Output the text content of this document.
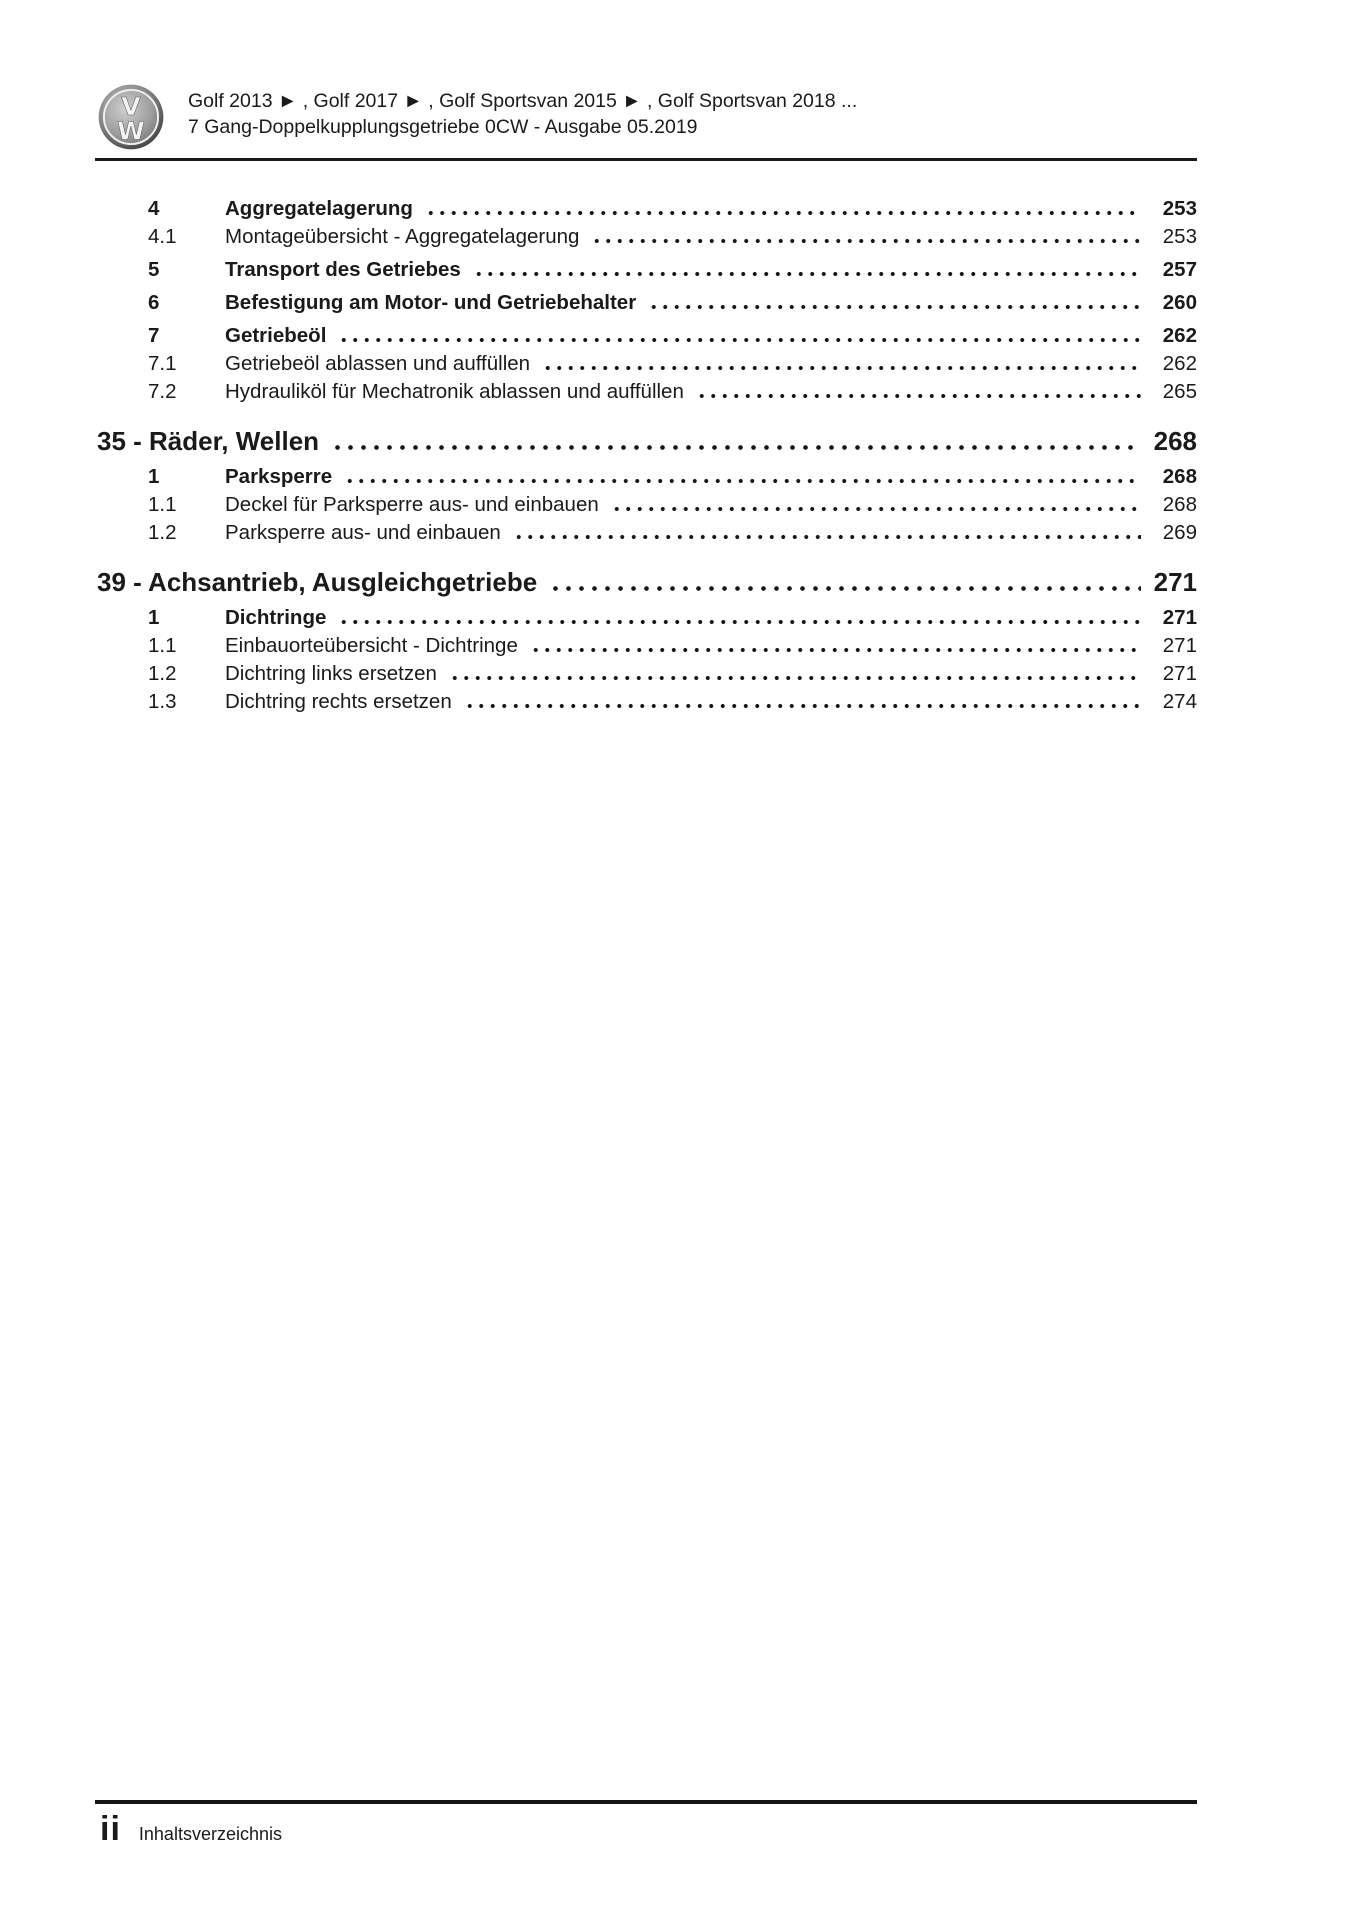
V
W
Golf 2013 ► , Golf 2017 ► , Golf Sportsvan 2015 ► , Golf Sportsvan 2018 ...
7 Gang-Doppelkupplungsgetriebe 0CW - Ausgabe 05.2019
4	Aggregatelagerung	253
4.1	Montageübersicht - Aggregatelagerung	253
5	Transport des Getriebes	257
6	Befestigung am Motor- und Getriebehalter	260
7	Getriebeöl	262
7.1	Getriebeöl ablassen und auffüllen	262
7.2	Hydrauliköl für Mechatronik ablassen und auffüllen	265
35 - Räder, Wellen	268
1	Parksperre	268
1.1	Deckel für Parksperre aus- und einbauen	268
1.2	Parksperre aus- und einbauen	269
39 - Achsantrieb, Ausgleichgetriebe	271
1	Dichtringe	271
1.1	Einbauorteübersicht - Dichtringe	271
1.2	Dichtring links ersetzen	271
1.3	Dichtring rechts ersetzen	274
ii Inhaltsverzeichnis
